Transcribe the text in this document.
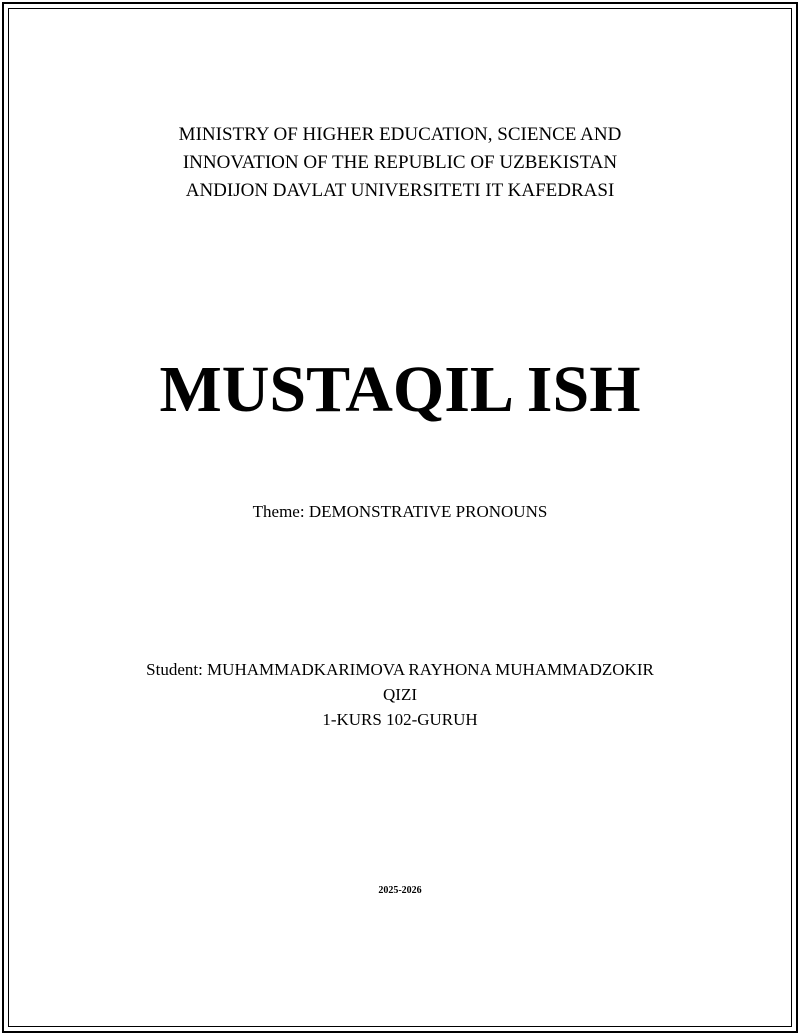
MINISTRY OF HIGHER EDUCATION, SCIENCE AND
INNOVATION OF THE REPUBLIC OF UZBEKISTAN
ANDIJON DAVLAT UNIVERSITETI IT KAFEDRASI
MUSTAQIL ISH
Theme: DEMONSTRATIVE PRONOUNS
Student: MUHAMMADKARIMOVA RAYHONA MUHAMMADZOKIR
QIZI
1-KURS 102-GURUH
2025-2026
